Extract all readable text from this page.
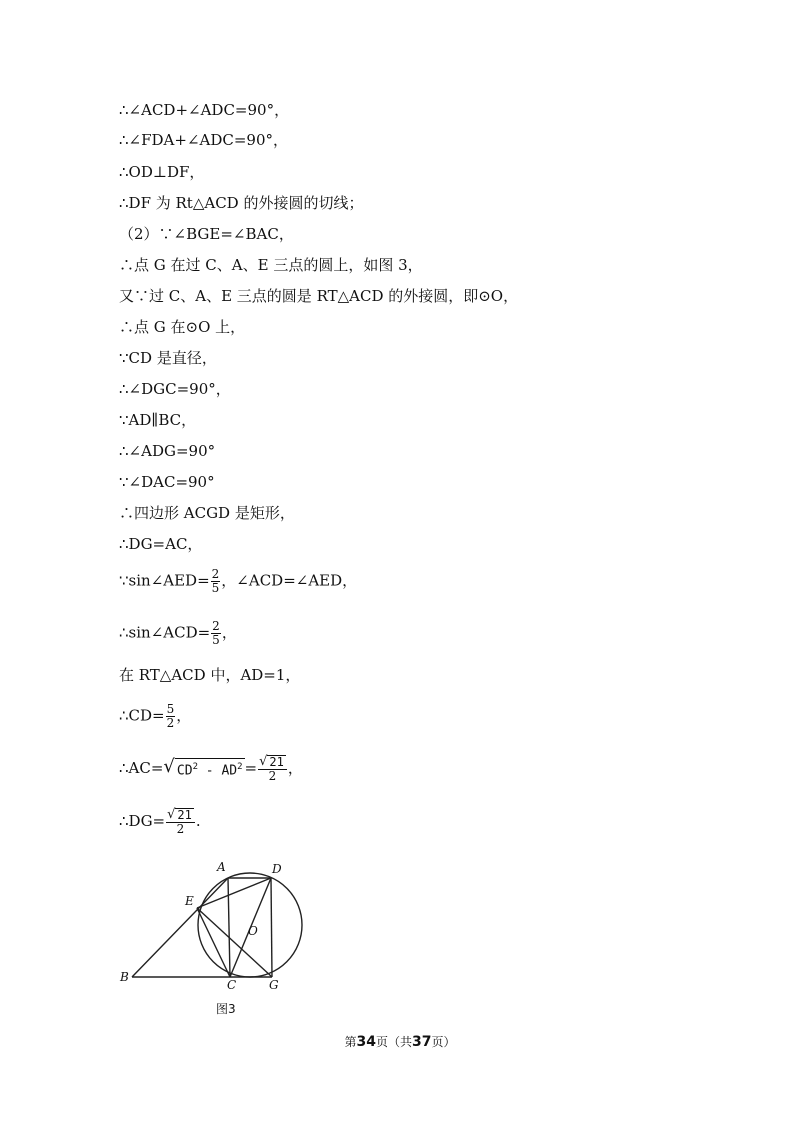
∴∠ACD+∠ADC=90°，
∴∠FDA+∠ADC=90°，
∴OD⊥DF，
∴DF 为 Rt△ACD 的外接圆的切线；
（2）∵∠BGE=∠BAC，
∴点 G 在过 C、A、E 三点的圆上，如图 3，
又∵过 C、A、E 三点的圆是 RT△ACD 的外接圆，即⊙O，
∴点 G 在⊙O 上，
∵CD 是直径，
∴∠DGC=90°，
∵AD∥BC，
∴∠ADG=90°
∵∠DAC=90°
∴四边形 ACGD 是矩形，
∴DG=AC，
∵sin∠AED= $\frac{2}{5}$ ，∠ACD=∠AED，
∴sin∠ACD= $\frac{2}{5}$ ，
在 RT△ACD 中，AD=1，
∴CD= $\frac{5}{2}$ ，
∴AC= √ $CD^2 - AD^2 = \frac{√ 21}{2}$ ，
∴DG= $\frac{√ 21}{2}$ .
A	D
E
O
B
C	G
图3
第34页（共37页）
